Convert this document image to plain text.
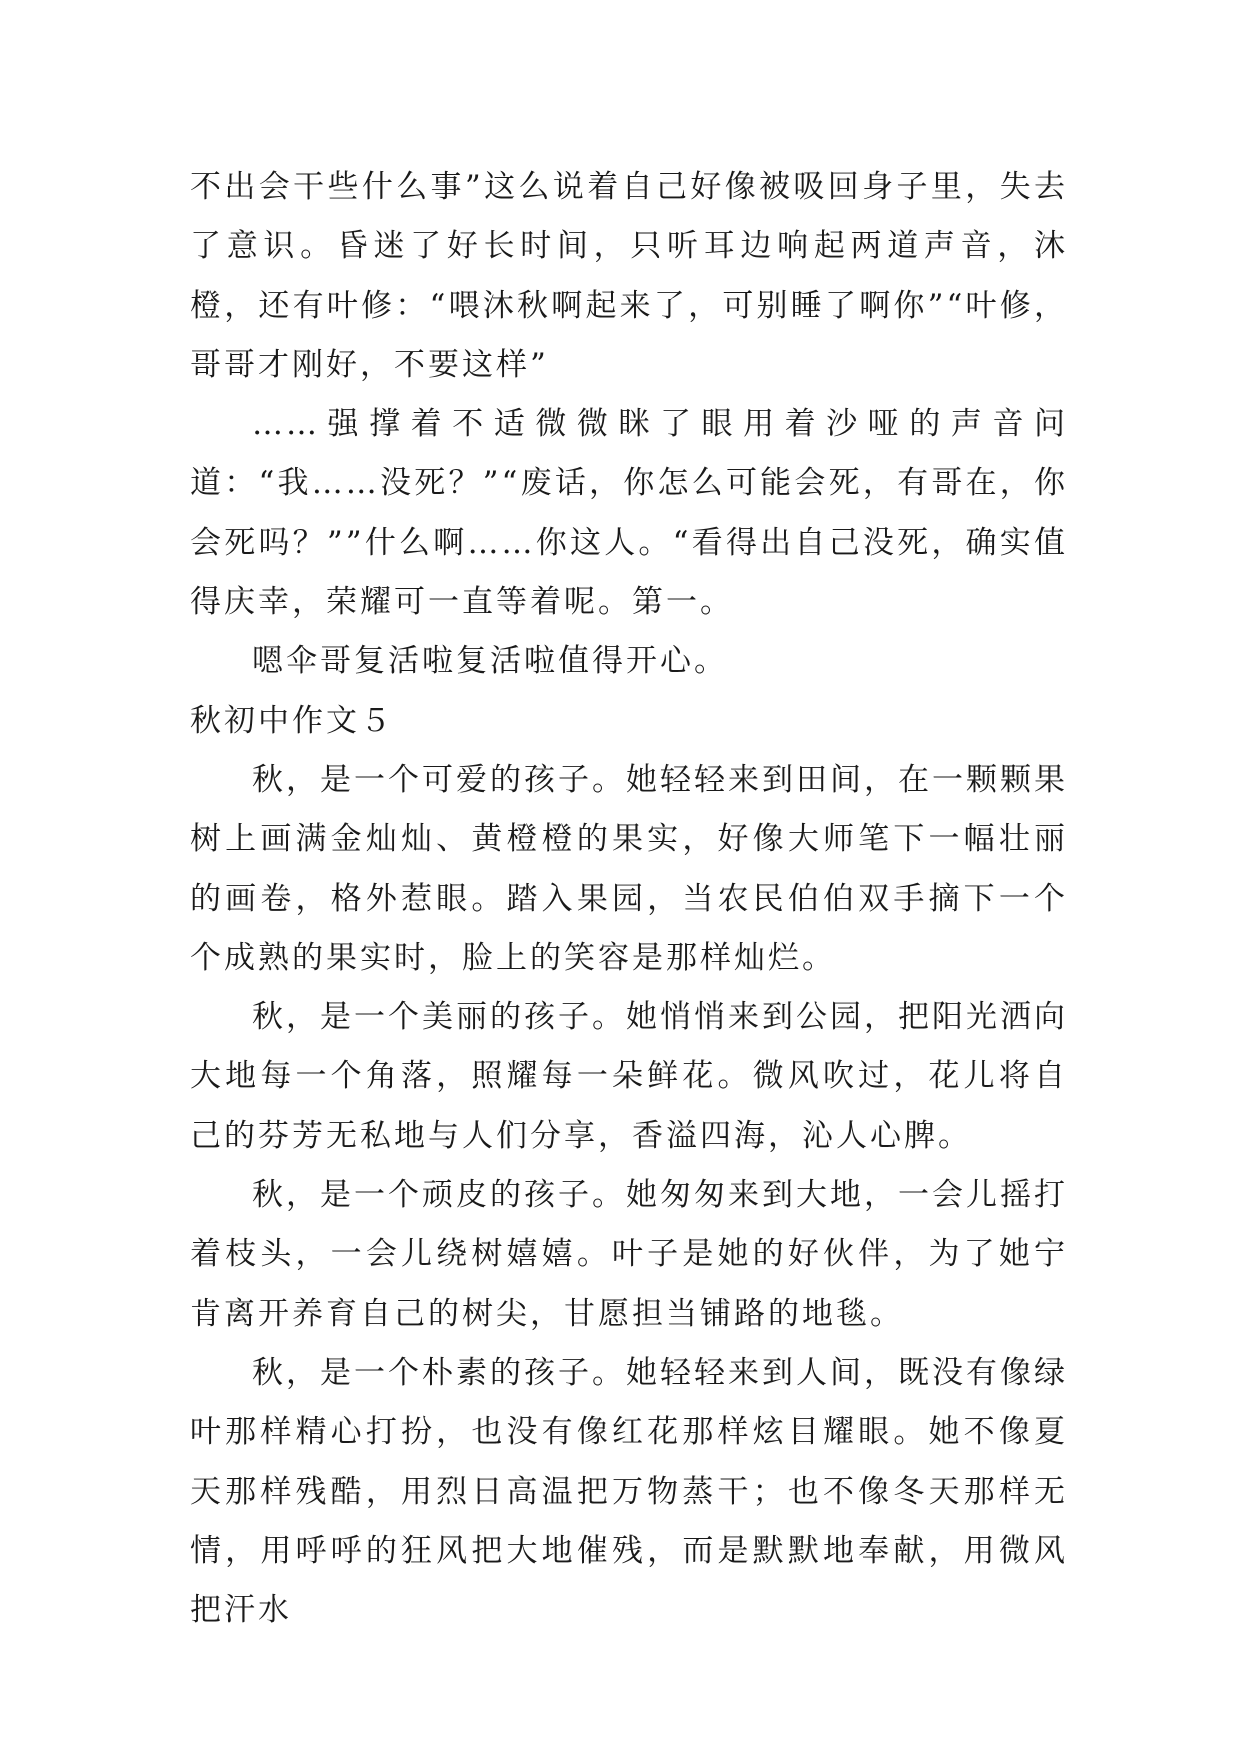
不出会干些什么事”这么说着自己好像被吸回身子里，失去了意识。昏迷了好长时间，只听耳边响起两道声音，沐橙，还有叶修：“喂沐秋啊起来了，可别睡了啊你”“叶修，哥哥才刚好，不要这样”

……强撑着不适微微眯了眼用着沙哑的声音问道：“我……没死？”“废话，你怎么可能会死，有哥在，你会死吗？””什么啊……你这人。“看得出自己没死，确实值得庆幸，荣耀可一直等着呢。第一。

嗯伞哥复活啦复活啦值得开心。

秋初中作文５

秋，是一个可爱的孩子。她轻轻来到田间，在一颗颗果树上画满金灿灿、黄橙橙的果实，好像大师笔下一幅壮丽的画卷，格外惹眼。踏入果园，当农民伯伯双手摘下一个个成熟的果实时，脸上的笑容是那样灿烂。

秋，是一个美丽的孩子。她悄悄来到公园，把阳光洒向大地每一个角落，照耀每一朵鲜花。微风吹过，花儿将自己的芬芳无私地与人们分享，香溢四海，沁人心脾。

秋，是一个顽皮的孩子。她匆匆来到大地，一会儿摇打着枝头，一会儿绕树嬉嬉。叶子是她的好伙伴，为了她宁肯离开养育自己的树尖，甘愿担当铺路的地毯。

秋，是一个朴素的孩子。她轻轻来到人间，既没有像绿叶那样精心打扮，也没有像红花那样炫目耀眼。她不像夏天那样残酷，用烈日高温把万物蒸干；也不像冬天那样无情，用呼呼的狂风把大地催残，而是默默地奉献，用微风把汗水
